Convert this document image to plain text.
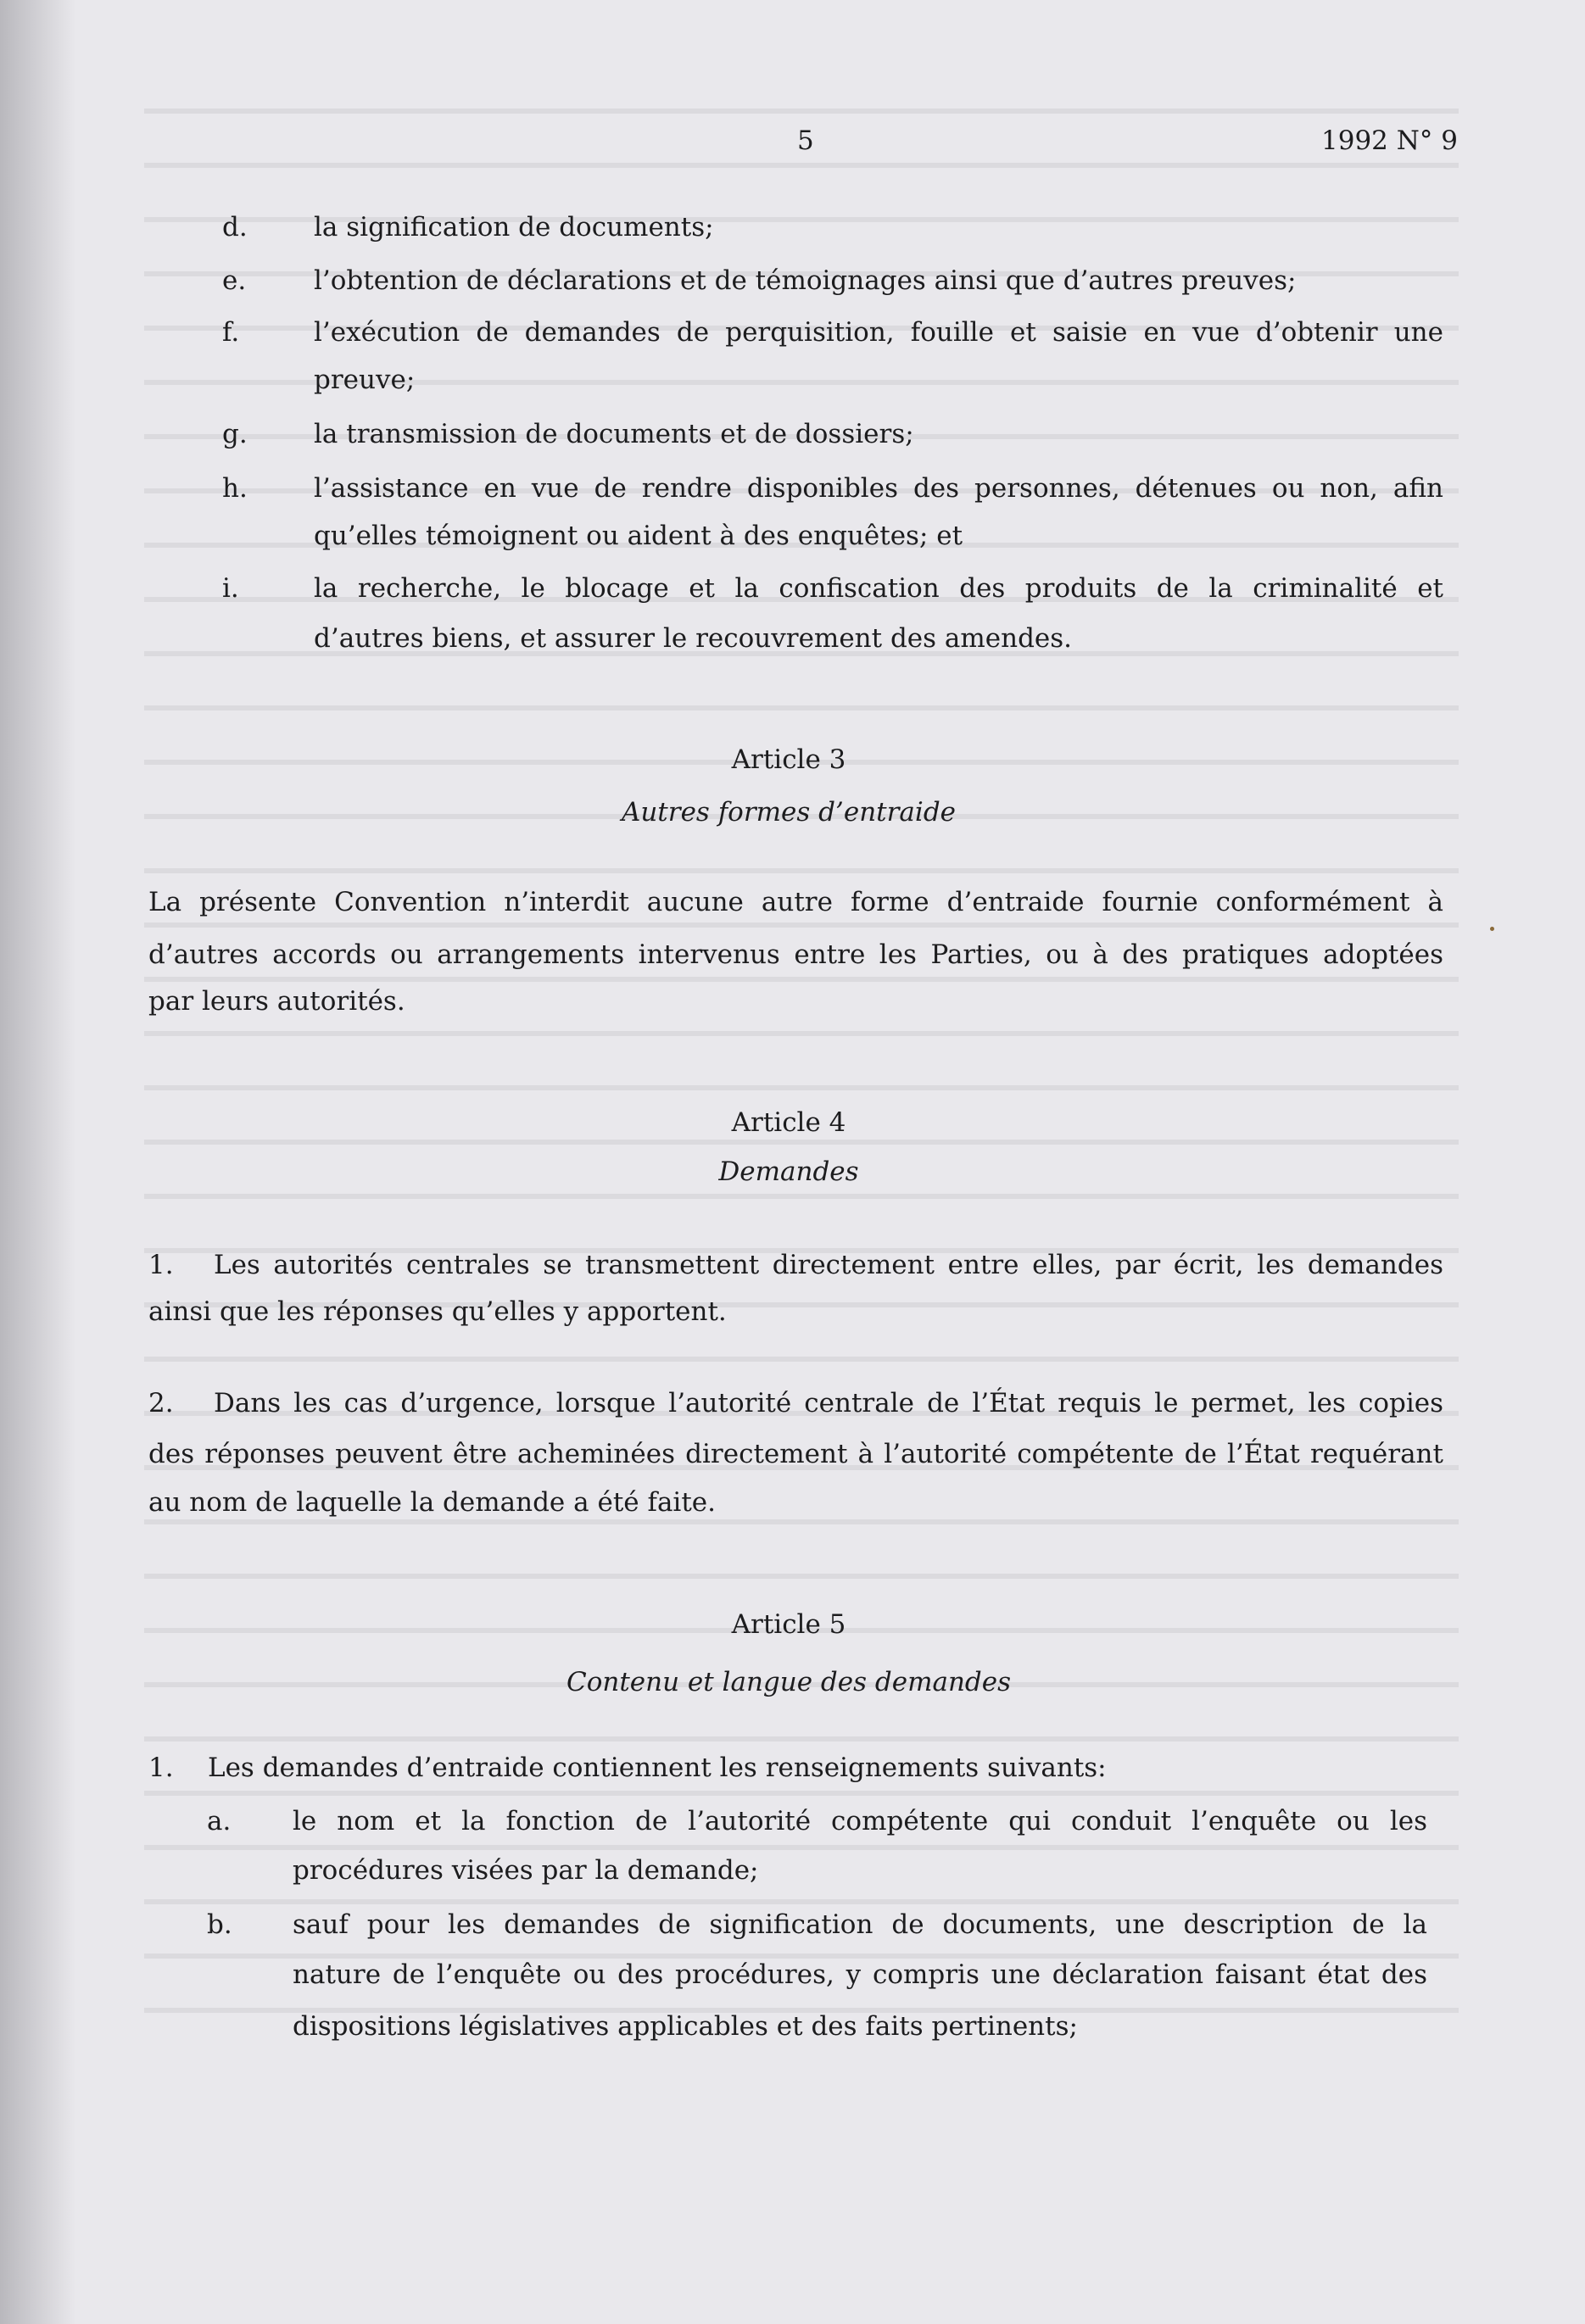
5	1992 N° 9
d.	la signification de documents;
e.	l’obtention de déclarations et de témoignages ainsi que d’autres preuves;
f.	l’exécution de demandes de perquisition, fouille et saisie en vue d’obtenir une
preuve;
g.	la transmission de documents et de dossiers;
h.	l’assistance en vue de rendre disponibles des personnes, détenues ou non, afin
qu’elles témoignent ou aident à des enquêtes; et
i.	la recherche, le blocage et la confiscation des produits de la criminalité et
d’autres biens, et assurer le recouvrement des amendes.
Article 3
Autres formes d’entraide
La présente Convention n’interdit aucune autre forme d’entraide fournie conformément à
d’autres accords ou arrangements intervenus entre les Parties, ou à des pratiques adoptées
par leurs autorités.
Article 4
Demandes
1. Les autorités centrales se transmettent directement entre elles, par écrit, les demandes
ainsi que les réponses qu’elles y apportent.
2. Dans les cas d’urgence, lorsque l’autorité centrale de l’État requis le permet, les copies
des réponses peuvent être acheminées directement à l’autorité compétente de l’État requérant
au nom de laquelle la demande a été faite.
Article 5
Contenu et langue des demandes
1. Les demandes d’entraide contiennent les renseignements suivants:
a. le nom et la fonction de l’autorité compétente qui conduit l’enquête ou les
procédures visées par la demande;
b. sauf pour les demandes de signification de documents, une description de la
nature de l’enquête ou des procédures, y compris une déclaration faisant état des
dispositions législatives applicables et des faits pertinents;
